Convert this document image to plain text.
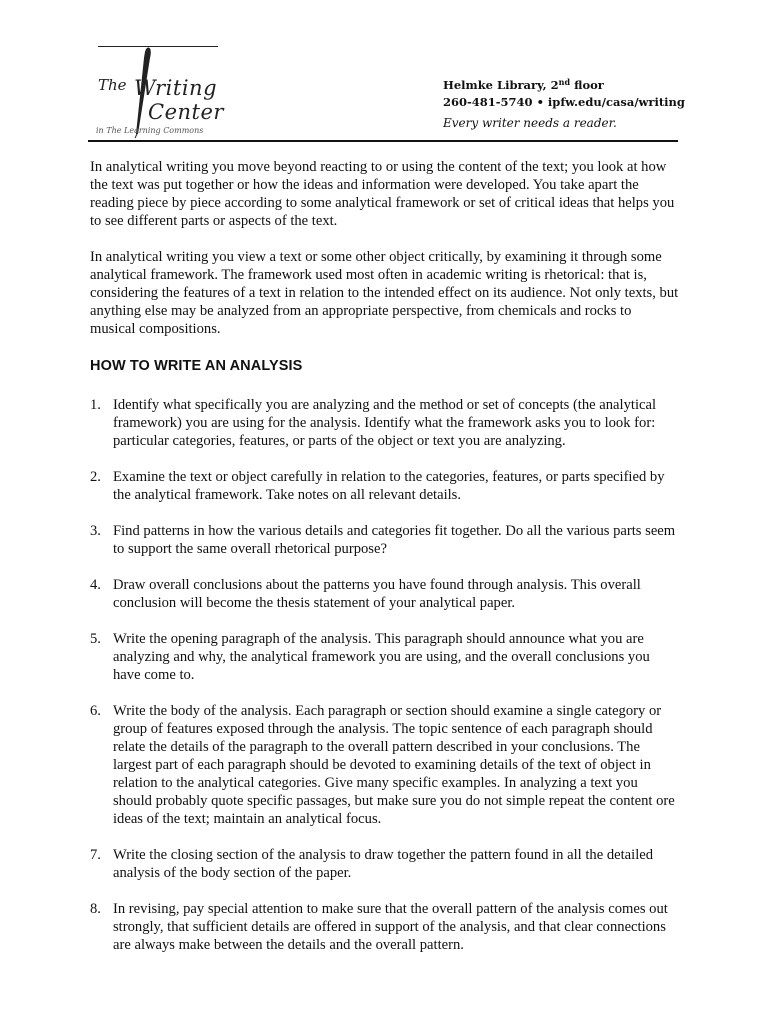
The Writing
Center
in The Learning Commons
Helmke Library, 2nd floor
260-481-5740 • ipfw.edu/casa/writing
Every writer needs a reader.

In analytical writing you move beyond reacting to or using the content of the text; you look at how the text was put together or how the ideas and information were developed. You take apart the reading piece by piece according to some analytical framework or set of critical ideas that helps you to see different parts or aspects of the text.

In analytical writing you view a text or some other object critically, by examining it through some analytical framework. The framework used most often in academic writing is rhetorical: that is, considering the features of a text in relation to the intended effect on its audience. Not only texts, but anything else may be analyzed from an appropriate perspective, from chemicals and rocks to musical compositions.

HOW TO WRITE AN ANALYSIS
1. Identify what specifically you are analyzing and the method or set of concepts (the analytical framework) you are using for the analysis. Identify what the framework asks you to look for: particular categories, features, or parts of the object or text you are analyzing.
2. Examine the text or object carefully in relation to the categories, features, or parts specified by the analytical framework. Take notes on all relevant details.
3. Find patterns in how the various details and categories fit together. Do all the various parts seem to support the same overall rhetorical purpose?
4. Draw overall conclusions about the patterns you have found through analysis. This overall conclusion will become the thesis statement of your analytical paper.
5. Write the opening paragraph of the analysis. This paragraph should announce what you are analyzing and why, the analytical framework you are using, and the overall conclusions you have come to.
6. Write the body of the analysis. Each paragraph or section should examine a single category or group of features exposed through the analysis. The topic sentence of each paragraph should relate the details of the paragraph to the overall pattern described in your conclusions. The largest part of each paragraph should be devoted to examining details of the text of object in relation to the analytical categories. Give many specific examples. In analyzing a text you should probably quote specific passages, but make sure you do not simple repeat the content ore ideas of the text; maintain an analytical focus.
7. Write the closing section of the analysis to draw together the pattern found in all the detailed analysis of the body section of the paper.
8. In revising, pay special attention to make sure that the overall pattern of the analysis comes out strongly, that sufficient details are offered in support of the analysis, and that clear connections are always make between the details and the overall pattern.
